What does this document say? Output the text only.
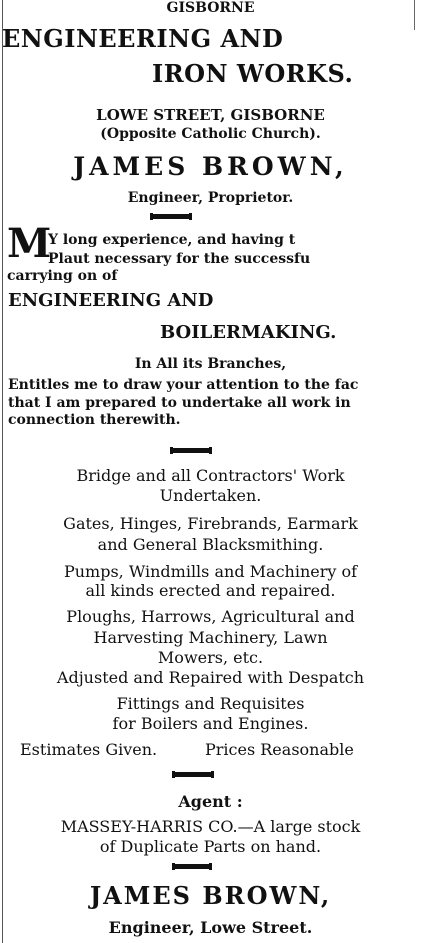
GISBORNE

ENGINEERING AND

IRON WORKS.

LOWE STREET, GISBORNE

(Opposite Catholic Church).

JAMES BROWN,

Engineer, Proprietor.

M

Y long experience, and having t

Plaut necessary for the successfu

carrying on of

ENGINEERING AND

BOILERMAKING.

In All its Branches,

Entitles me to draw your attention to the fac

that I am prepared to undertake all work in

connection therewith.

Bridge and all Contractors' Work

Undertaken.

Gates, Hinges, Firebrands, Earmark

and General Blacksmithing.

Pumps, Windmills and Machinery of

all kinds erected and repaired.

Ploughs, Harrows, Agricultural and

Harvesting Machinery, Lawn

Mowers, etc.

Adjusted and Repaired with Despatch

Fittings and Requisites

for Boilers and Engines.

Estimates Given.	Prices Reasonable

Agent :

MASSEY-HARRIS CO.—A large stock

of Duplicate Parts on hand.

JAMES BROWN,

Engineer, Lowe Street.
